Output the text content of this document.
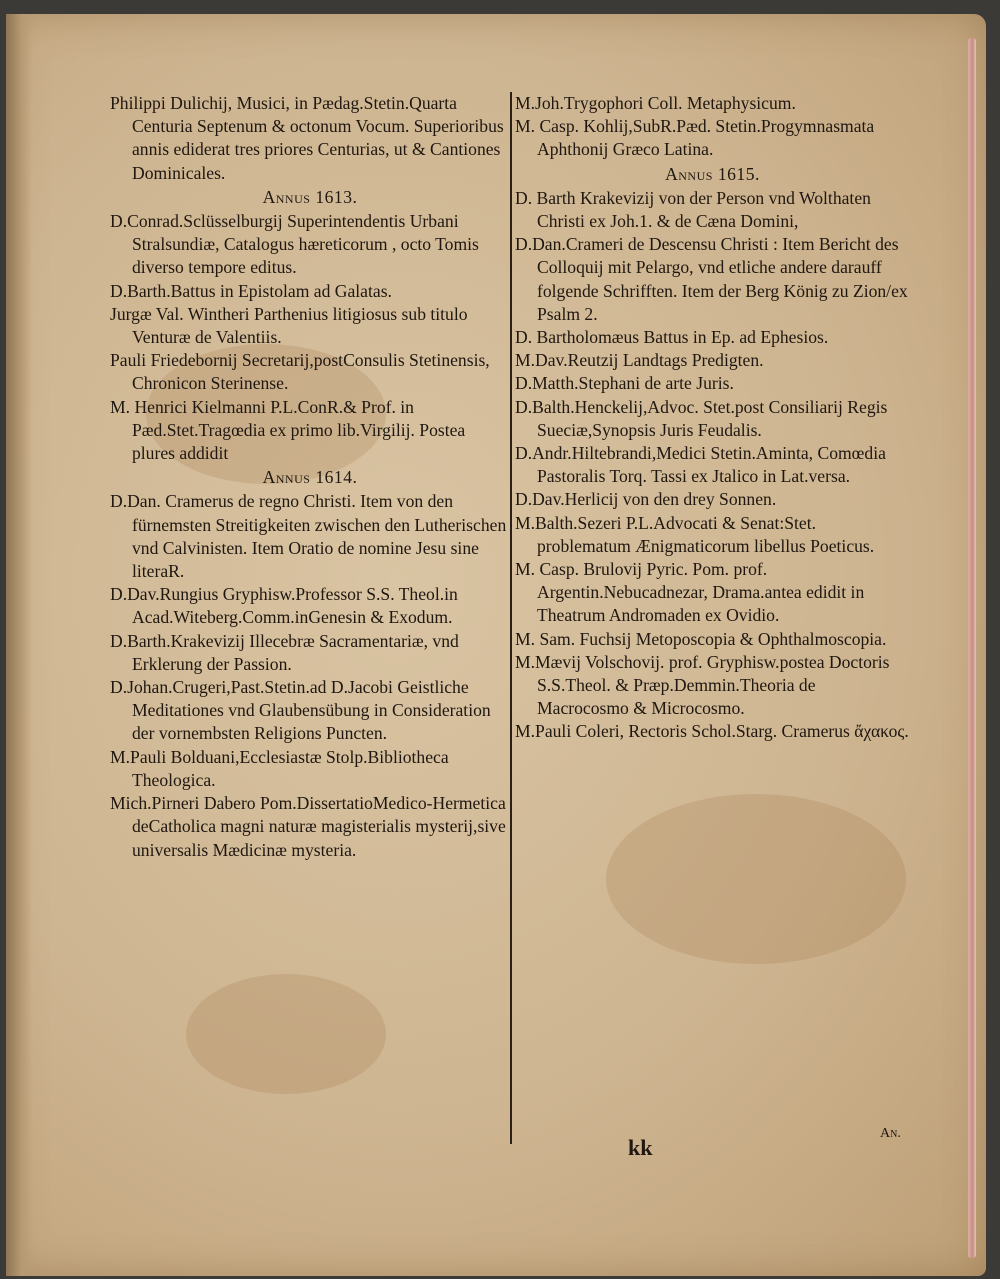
Philippi Dulichij, Musici, in Pædag.Stetin.Quarta Centuria Septenum & octonum Vocum. Superioribus annis ediderat tres priores Centurias, ut & Cantiones Dominicales.

Annus 1613.

D.Conrad.Sclüsselburgij Superintendentis Urbani Stralsundiæ, Catalogus hæreticorum , octo Tomis diverso tempore editus.

D.Barth.Battus in Epistolam ad Galatas.

Jurgæ Val. Wintheri Parthenius litigiosus sub titulo Venturæ de Valentiis.

Pauli Friedebornij Secretarij,postConsulis Stetinensis, Chronicon Sterinense.

M. Henrici Kielmanni P.L.ConR.& Prof. in Pæd.Stet.Tragœdia ex primo lib.Virgilij. Postea plures addidit

Annus 1614.

D.Dan. Cramerus de regno Christi. Item von den fürnemsten Streitigkeiten zwischen den Lutherischen vnd Calvinisten. Item Oratio de nomine Jesu sine literaR.

D.Dav.Rungius Gryphisw.Professor S.S. Theol.in Acad.Witeberg.Comm.inGenesin & Exodum.

D.Barth.Krakevizij Illecebræ Sacramentariæ, vnd Erklerung der Passion.

D.Johan.Crugeri,Past.Stetin.ad D.Jacobi Geistliche Meditationes vnd Glaubensübung in Consideration der vornembsten Religions Puncten.

M.Pauli Bolduani,Ecclesiastæ Stolp.Bibliotheca Theologica.

Mich.Pirneri Dabero Pom.DissertatioMedico-Hermetica deCatholica magni naturæ magisterialis mysterij,sive universalis Mædicinæ mysteria.

M.Joh.Trygophori Coll. Metaphysicum.

M. Casp. Kohlij,SubR.Pæd. Stetin.Progymnasmata Aphthonij Græco Latina.

Annus 1615.

D. Barth Krakevizij von der Person vnd Wolthaten Christi ex Joh.1. & de Cæna Domini,

D.Dan.Crameri de Descensu Christi : Item Bericht des Colloquij mit Pelargo, vnd etliche andere darauff folgende Schrifften. Item der Berg König zu Zion/ex Psalm 2.

D. Bartholomæus Battus in Ep. ad Ephesios.

M.Dav.Reutzij Landtags Predigten.

D.Matth.Stephani de arte Juris.

D.Balth.Henckelij,Advoc. Stet.post Consiliarij Regis Sueciæ,Synopsis Juris Feudalis.

D.Andr.Hiltebrandi,Medici Stetin.Aminta, Comœdia Pastoralis Torq. Tassi ex Jtalico in Lat.versa.

D.Dav.Herlicij von den drey Sonnen.

M.Balth.Sezeri P.L.Advocati & Senat:Stet. problematum Ænigmaticorum libellus Poeticus.

M. Casp. Brulovij Pyric. Pom. prof. Argentin.Nebucadnezar, Drama.antea edidit in Theatrum Andromaden ex Ovidio.

M. Sam. Fuchsij Metoposcopia & Ophthalmoscopia.

M.Mævij Volschovij. prof. Gryphisw.postea Doctoris S.S.Theol. & Præp.Demmin.Theoria de Macrocosmo & Microcosmo.

M.Pauli Coleri, Rectoris Schol.Starg. Cramerus ἄχακος.

kk
An.
